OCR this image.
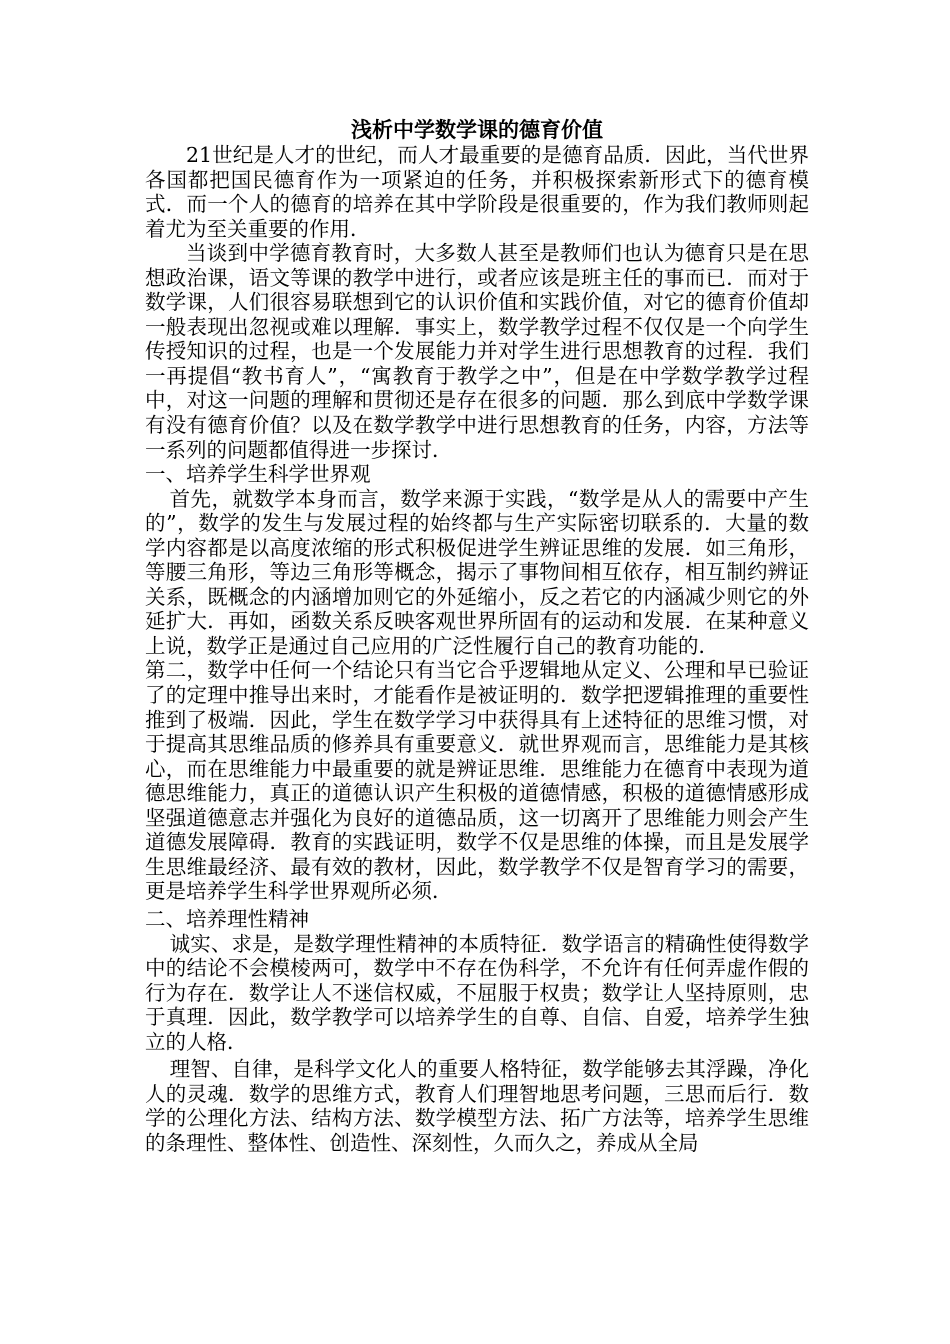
浅析中学数学课的德育价值

21世纪是人才的世纪，而人才最重要的是德育品质．因此，当代世界各国都把国民德育作为一项紧迫的任务，并积极探索新形式下的德育模式．而一个人的德育的培养在其中学阶段是很重要的，作为我们教师则起着尤为至关重要的作用．

当谈到中学德育教育时，大多数人甚至是教师们也认为德育只是在思想政治课，语文等课的教学中进行，或者应该是班主任的事而已．而对于数学课，人们很容易联想到它的认识价值和实践价值，对它的德育价值却一般表现出忽视或难以理解．事实上，数学教学过程不仅仅是一个向学生传授知识的过程，也是一个发展能力并对学生进行思想教育的过程．我们一再提倡“教书育人”，“寓教育于教学之中”，但是在中学数学教学过程中，对这一问题的理解和贯彻还是存在很多的问题．那么到底中学数学课有没有德育价值？以及在数学教学中进行思想教育的任务，内容，方法等一系列的问题都值得进一步探讨．

一、培养学生科学世界观

首先，就数学本身而言，数学来源于实践，“数学是从人的需要中产生的”，数学的发生与发展过程的始终都与生产实际密切联系的．大量的数学内容都是以高度浓缩的形式积极促进学生辨证思维的发展．如三角形，等腰三角形，等边三角形等概念，揭示了事物间相互依存，相互制约辨证关系，既概念的内涵增加则它的外延缩小，反之若它的内涵减少则它的外延扩大．再如，函数关系反映客观世界所固有的运动和发展．在某种意义上说，数学正是通过自己应用的广泛性履行自己的教育功能的．

第二，数学中任何一个结论只有当它合乎逻辑地从定义、公理和早已验证了的定理中推导出来时，才能看作是被证明的．数学把逻辑推理的重要性推到了极端．因此，学生在数学学习中获得具有上述特征的思维习惯，对于提高其思维品质的修养具有重要意义．就世界观而言，思维能力是其核心，而在思维能力中最重要的就是辨证思维．思维能力在德育中表现为道德思维能力，真正的道德认识产生积极的道德情感，积极的道德情感形成坚强道德意志并强化为良好的道德品质，这一切离开了思维能力则会产生道德发展障碍．教育的实践证明，数学不仅是思维的体操，而且是发展学生思维最经济、最有效的教材，因此，数学教学不仅是智育学习的需要，更是培养学生科学世界观所必须．

二、培养理性精神

诚实、求是，是数学理性精神的本质特征．数学语言的精确性使得数学中的结论不会模棱两可，数学中不存在伪科学，不允许有任何弄虚作假的行为存在．数学让人不迷信权威，不屈服于权贵；数学让人坚持原则，忠于真理．因此，数学教学可以培养学生的自尊、自信、自爱，培养学生独立的人格．

理智、自律，是科学文化人的重要人格特征，数学能够去其浮躁，净化人的灵魂．数学的思维方式，教育人们理智地思考问题，三思而后行．数学的公理化方法、结构方法、数学模型方法、拓广方法等，培养学生思维的条理性、整体性、创造性、深刻性，久而久之，养成从全局
